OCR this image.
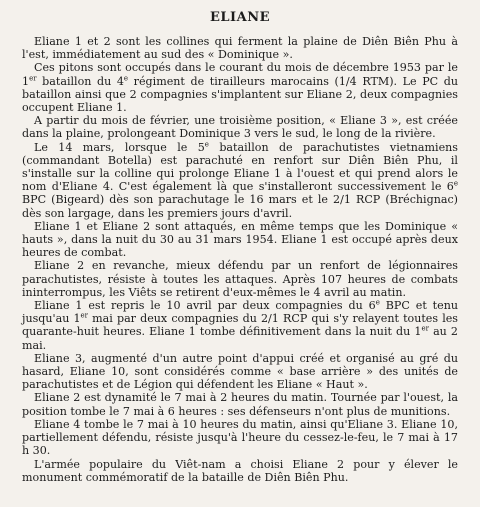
ELIANE

Eliane 1 et 2 sont les collines qui ferment la plaine de Diên Biên Phu à l'est, immédiatement au sud des « Dominique ».

Ces pitons sont occupés dans le courant du mois de décembre 1953 par le 1er bataillon du 4e régiment de tirailleurs marocains (1/4 RTM). Le PC du bataillon ainsi que 2 compagnies s'implantent sur Eliane 2, deux compagnies occupent Eliane 1.

A partir du mois de février, une troisième position, « Eliane 3 », est créée dans la plaine, prolongeant Dominique 3 vers le sud, le long de la rivière.

Le 14 mars, lorsque le 5e bataillon de parachutistes vietnamiens (commandant Botella) est parachuté en renfort sur Diên Biên Phu, il s'installe sur la colline qui prolonge Eliane 1 à l'ouest et qui prend alors le nom d'Eliane 4. C'est également là que s'installeront successivement le 6e BPC (Bigeard) dès son parachutage le 16 mars et le 2/1 RCP (Bréchignac) dès son largage, dans les premiers jours d'avril.

Eliane 1 et Eliane 2 sont attaqués, en même temps que les Dominique « hauts », dans la nuit du 30 au 31 mars 1954. Eliane 1 est occupé après deux heures de combat.

Eliane 2 en revanche, mieux défendu par un renfort de légionnaires parachutistes, résiste à toutes les attaques. Après 107 heures de combats ininterrompus, les Viêts se retirent d'eux-mêmes le 4 avril au matin.

Eliane 1 est repris le 10 avril par deux compagnies du 6e BPC et tenu jusqu'au 1er mai par deux compagnies du 2/1 RCP qui s'y relayent toutes les quarante-huit heures. Eliane 1 tombe définitivement dans la nuit du 1er au 2 mai.

Eliane 3, augmenté d'un autre point d'appui créé et organisé au gré du hasard, Eliane 10, sont considérés comme « base arrière » des unités de parachutistes et de Légion qui défendent les Eliane « Haut ».

Eliane 2 est dynamité le 7 mai à 2 heures du matin. Tournée par l'ouest, la position tombe le 7 mai à 6 heures : ses défenseurs n'ont plus de munitions.

Eliane 4 tombe le 7 mai à 10 heures du matin, ainsi qu'Eliane 3. Eliane 10, partiellement défendu, résiste jusqu'à l'heure du cessez-le-feu, le 7 mai à 17 h 30.

L'armée populaire du Viêt-nam a choisi Eliane 2 pour y élever le monument commémoratif de la bataille de Diên Biên Phu.
